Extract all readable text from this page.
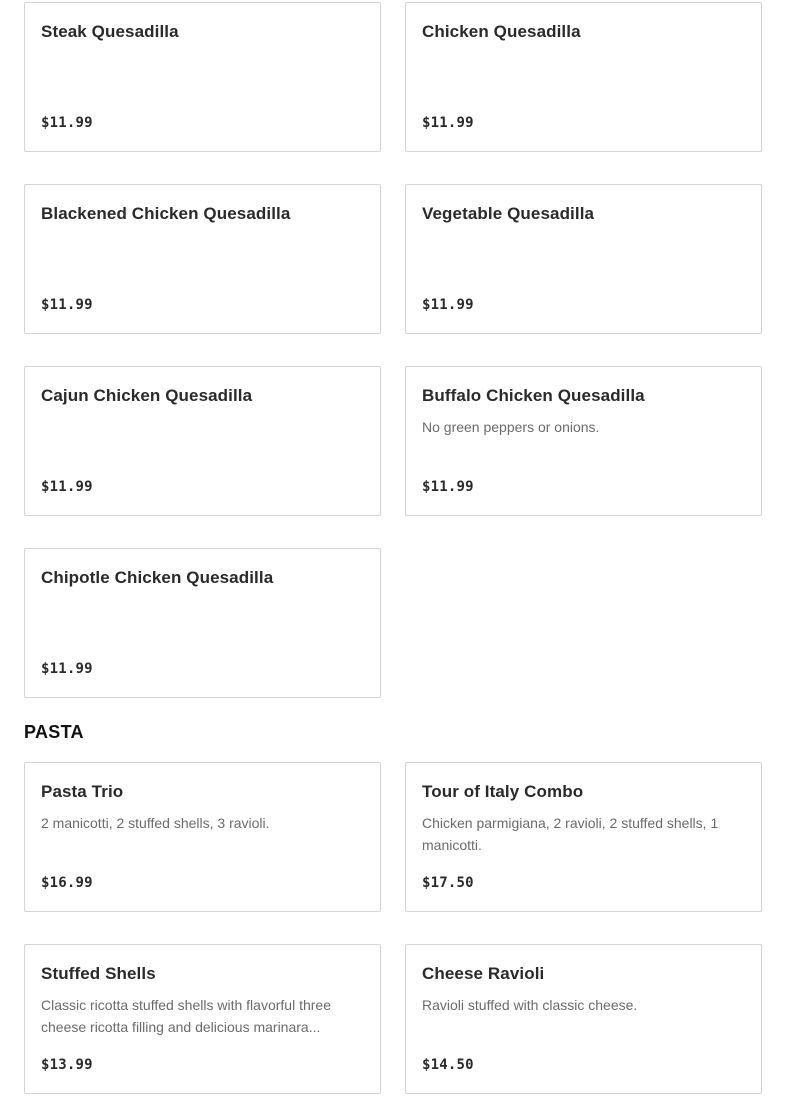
Steak Quesadilla
$11.99
Chicken Quesadilla
$11.99
Blackened Chicken Quesadilla
$11.99
Vegetable Quesadilla
$11.99
Cajun Chicken Quesadilla
$11.99
Buffalo Chicken Quesadilla
No green peppers or onions.
$11.99
Chipotle Chicken Quesadilla
$11.99
PASTA
Pasta Trio
2 manicotti, 2 stuffed shells, 3 ravioli.
$16.99
Tour of Italy Combo
Chicken parmigiana, 2 ravioli, 2 stuffed shells, 1
manicotti.
$17.50
Stuffed Shells
Classic ricotta stuffed shells with flavorful three
cheese ricotta filling and delicious marinara...
$13.99
Cheese Ravioli
Ravioli stuffed with classic cheese.
$14.50
